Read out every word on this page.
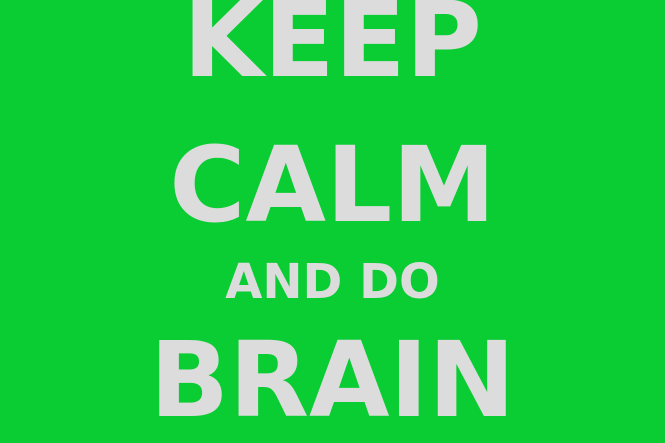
KEEP
CALM
AND DO
BRAIN
